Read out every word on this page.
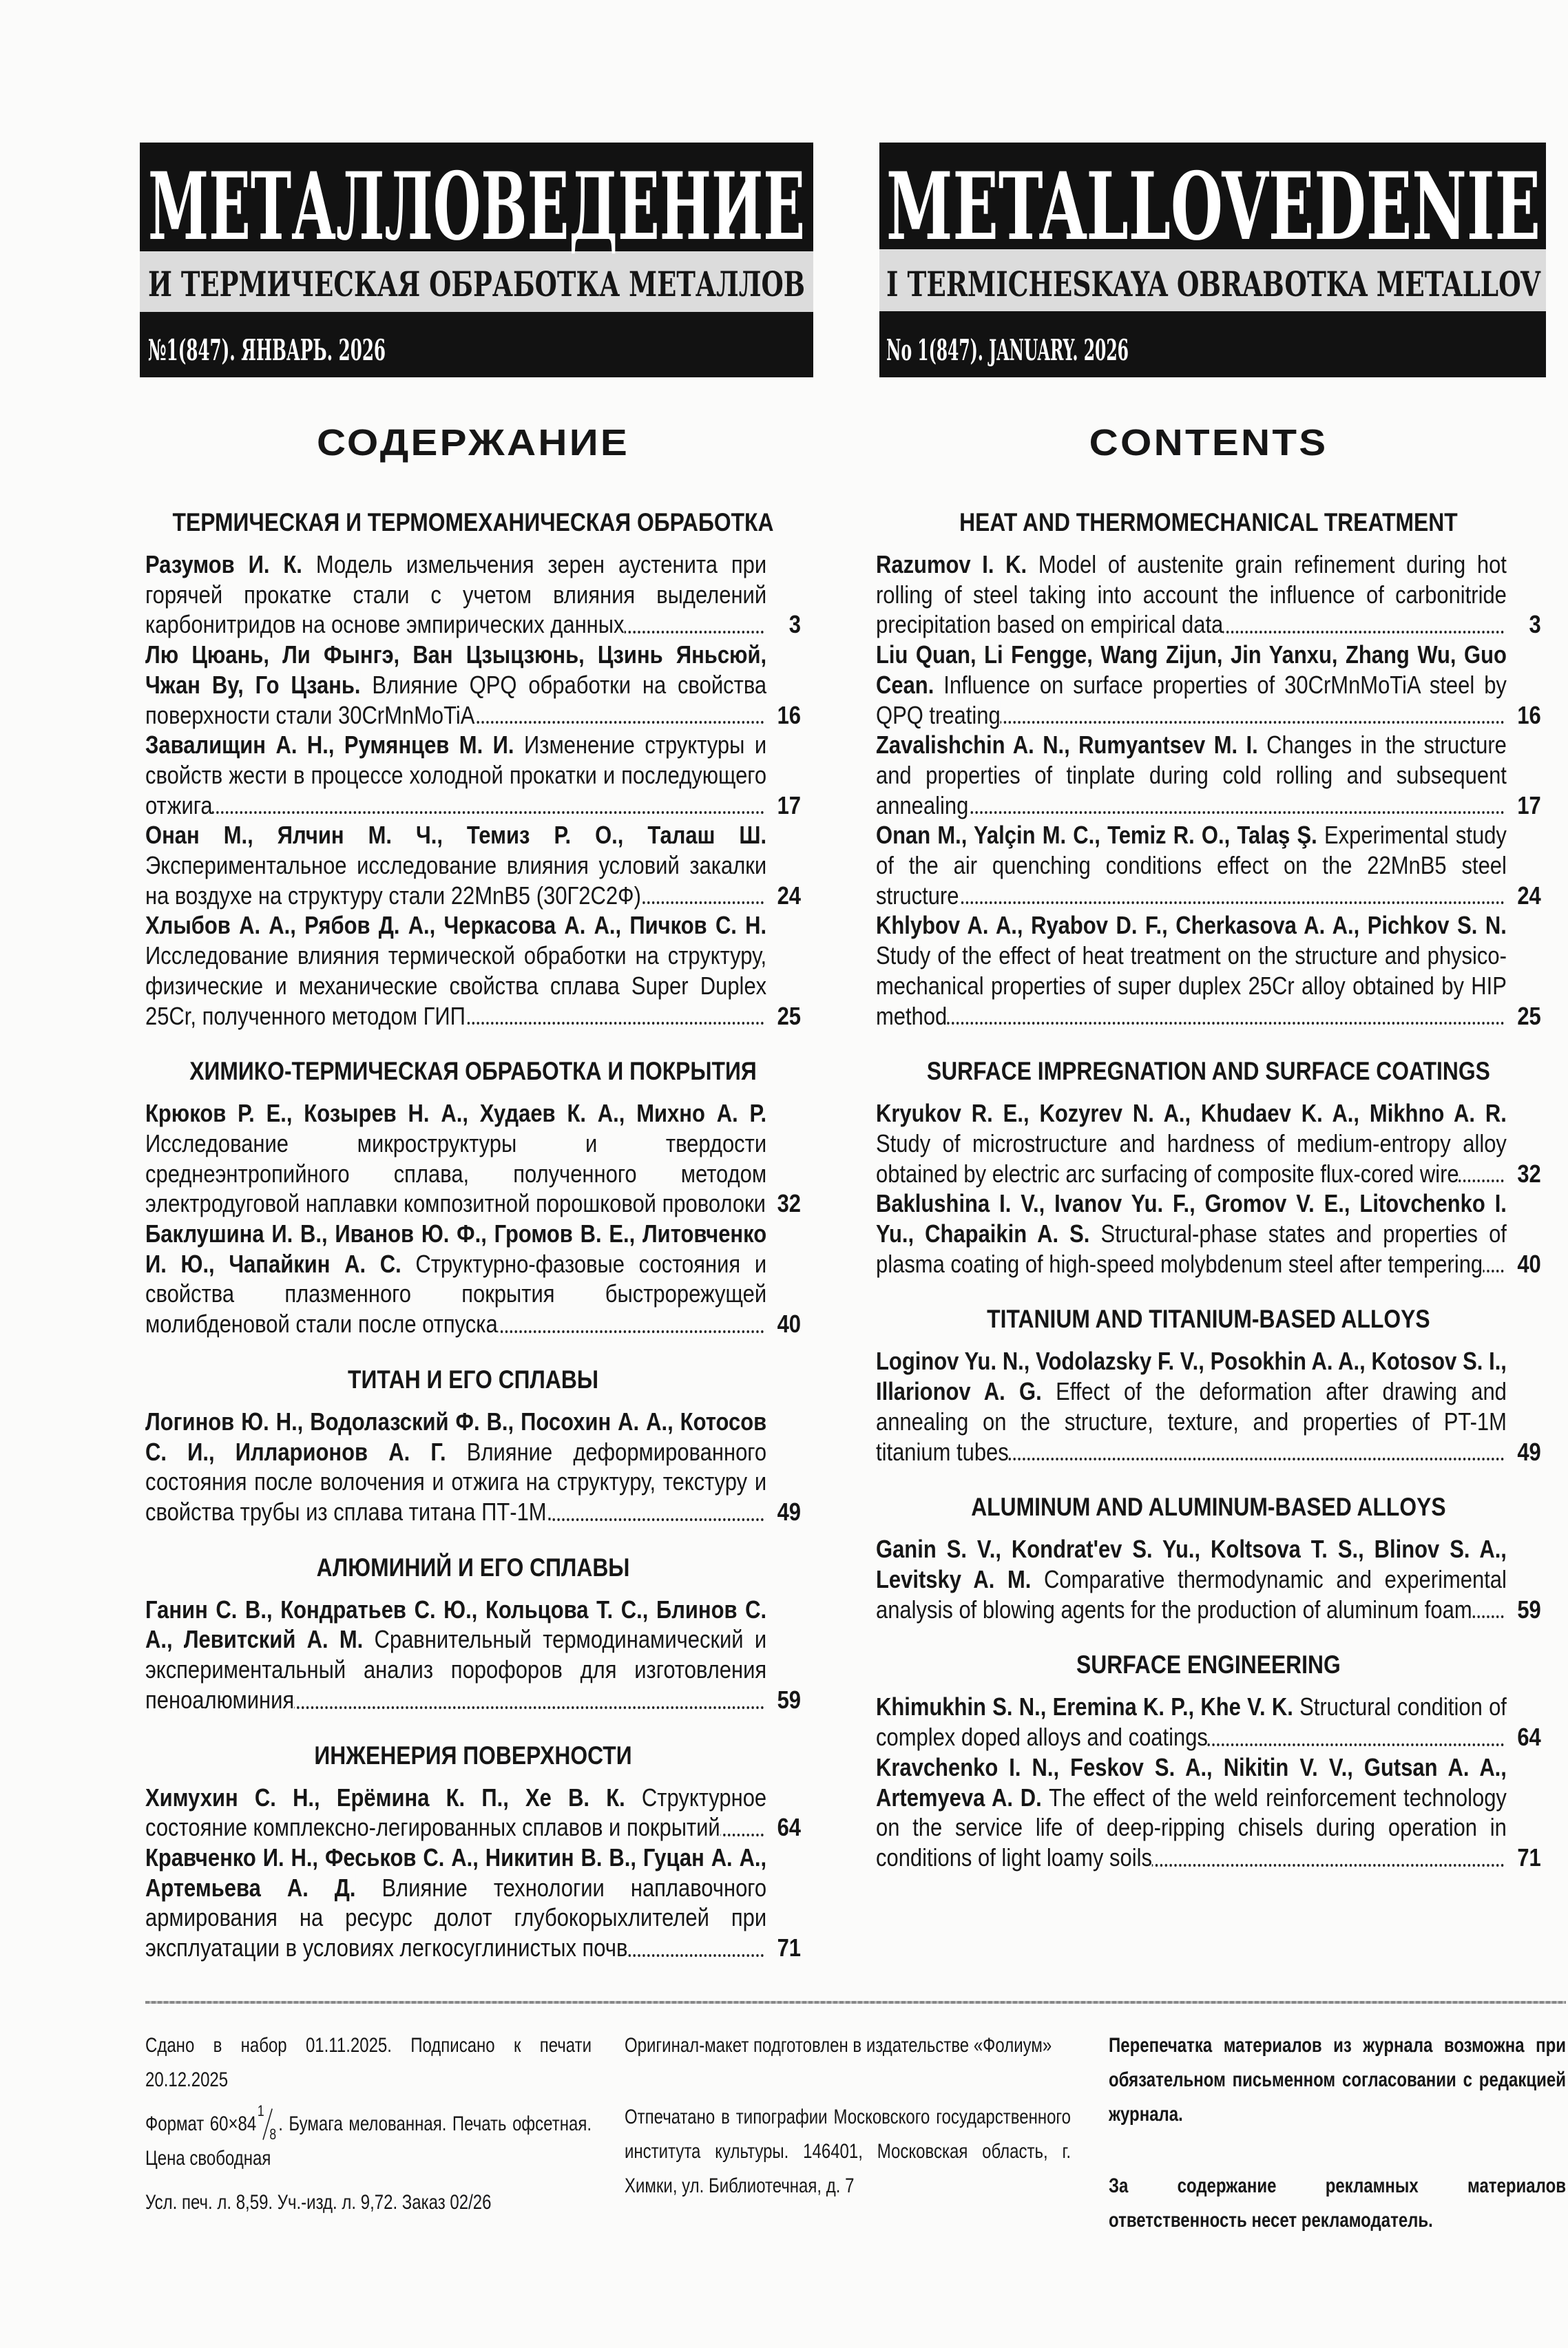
МЕТАЛЛОВЕДЕНИЕ
И ТЕРМИЧЕСКАЯ ОБРАБОТКА МЕТАЛЛОВ
№1(847). ЯНВАРЬ. 2026
METALLOVEDENIE
I TERMICHESKAYA OBRABOTKA METALLOV
No 1(847). JANUARY. 2026
СОДЕРЖАНИЕ	CONTENTS
ТЕРМИЧЕСКАЯ И ТЕРМОМЕХАНИЧЕСКАЯ ОБРАБОТКА
Разумов И. К. Модель измельчения зерен аустенита при горячей прокатке стали с учетом влияния выделений карбонитридов на основе эмпирических данных	3
Лю Цюань, Ли Фынгэ, Ван Цзыцзюнь, Цзинь Яньсюй, Чжан Ву, Го Цзань. Влияние QPQ обработки на свойства поверхности стали 30CrMnMoTiA	16
Завалищин А. Н., Румянцев М. И. Изменение структуры и свойств жести в процессе холодной прокатки и последующего отжига	17
Онан М., Ялчин М. Ч., Темиз Р. О., Талаш Ш. Экспериментальное исследование влияния условий закалки на воздухе на структуру стали 22MnB5 (30Г2С2Ф)	24
Хлыбов А. А., Рябов Д. А., Черкасова А. А., Пичков С. Н. Исследование влияния термической обработки на структуру, физические и механические свойства сплава Super Duplex 25Cr, полученного методом ГИП	25
ХИМИКО-ТЕРМИЧЕСКАЯ ОБРАБОТКА И ПОКРЫТИЯ
Крюков Р. Е., Козырев Н. А., Худаев К. А., Михно А. Р. Исследование микроструктуры и твердости среднеэнтропийного сплава, полученного методом электродуговой наплавки композитной порошковой проволоки 32
Баклушина И. В., Иванов Ю. Ф., Громов В. Е., Литовченко И. Ю., Чапайкин А. С. Структурно-фазовые состояния и свойства плазменного покрытия быстрорежущей молибденовой стали после отпуска	40
ТИТАН И ЕГО СПЛАВЫ
Логинов Ю. Н., Водолазский Ф. В., Посохин А. А., Котосов С. И., Илларионов А. Г. Влияние деформированного состояния после волочения и отжига на структуру, текстуру и свойства трубы из сплава титана ПТ-1М.	49
АЛЮМИНИЙ И ЕГО СПЛАВЫ
Ганин С. В., Кондратьев С. Ю., Кольцова Т. С., Блинов С. А., Левитский А. М. Сравнительный термодинамический и экспериментальный анализ порофоров для изготовления пеноалюминия	59
ИНЖЕНЕРИЯ ПОВЕРХНОСТИ
Химухин С. Н., Ерёмина К. П., Хе В. К. Структурное состояние комплексно-легированных сплавов и покрытий	64
Кравченко И. Н., Феськов С. А., Никитин В. В., Гуцан А. А., Артемьева А. Д. Влияние технологии наплавочного армирования на ресурс долот глубокорыхлителей при эксплуатации в условиях легкосуглинистых почв	71
HEAT AND THERMOMECHANICAL TREATMENT
Razumov I. K. Model of austenite grain refinement during hot rolling of steel taking into account the influence of carbonitride precipitation based on empirical data	3
Liu Quan, Li Fengge, Wang Zijun, Jin Yanxu, Zhang Wu, Guo Cean. Influence on surface properties of 30CrMnMoTiA steel by QPQ treating	16
Zavalishchin A. N., Rumyantsev M. I. Changes in the structure and properties of tinplate during cold rolling and subsequent annealing	17
Onan M., Yalçin M. C., Temiz R. O., Talaş Ş. Experimental study of the air quenching conditions effect on the 22MnB5 steel structure	24
Khlybov A. A., Ryabov D. F., Cherkasova A. A., Pichkov S. N. Study of the effect of heat treatment on the structure and physico-mechanical properties of super duplex 25Cr alloy obtained by HIP method	25
SURFACE IMPREGNATION AND SURFACE COATINGS
Kryukov R. E., Kozyrev N. A., Khudaev K. A., Mikhno A. R. Study of microstructure and hardness of medium-entropy alloy obtained by electric arc surfacing of composite flux-cored wire	32
Baklushina I. V., Ivanov Yu. F., Gromov V. E., Litovchenko I. Yu., Chapaikin A. S. Structural-phase states and properties of plasma coating of high-speed molybdenum steel after tempering	40
TITANIUM AND TITANIUM-BASED ALLOYS
Loginov Yu. N., Vodolazsky F. V., Posokhin A. A., Kotosov S. I., Illarionov A. G. Effect of the deformation after drawing and annealing on the structure, texture, and properties of PT-1M titanium tubes	49
ALUMINUM AND ALUMINUM-BASED ALLOYS
Ganin S. V., Kondrat'ev S. Yu., Koltsova T. S., Blinov S. A., Levitsky A. M. Comparative thermodynamic and experimental analysis of blowing agents for the production of aluminum foam	59
SURFACE ENGINEERING
Khimukhin S. N., Eremina K. P., Khe V. K. Structural condition of complex doped alloys and coatings	64
Kravchenko I. N., Feskov S. A., Nikitin V. V., Gutsan A. A., Artemyeva A. D. The effect of the weld reinforcement technology on the service life of deep-ripping chisels during operation in conditions of light loamy soils	71

Сдано в набор 01.11.2025. Подписано к печати 20.12.2025

Формат 60×84
1
8 . Бумага мелованная. Печать офсетная. Цена свободная

Усл. печ. л. 8,59. Уч.-изд. л. 9,72. Заказ 02/26

Оригинал-макет подготовлен в издательстве «Фолиум»

Отпечатано в типографии Московского государственного института культуры. 146401, Московская область, г. Химки, ул. Библиотечная, д. 7

Перепечатка материалов из журнала возможна при обязательном письменном согласовании с редакцией журнала.

За содержание рекламных материалов ответственность несет рекламодатель.
